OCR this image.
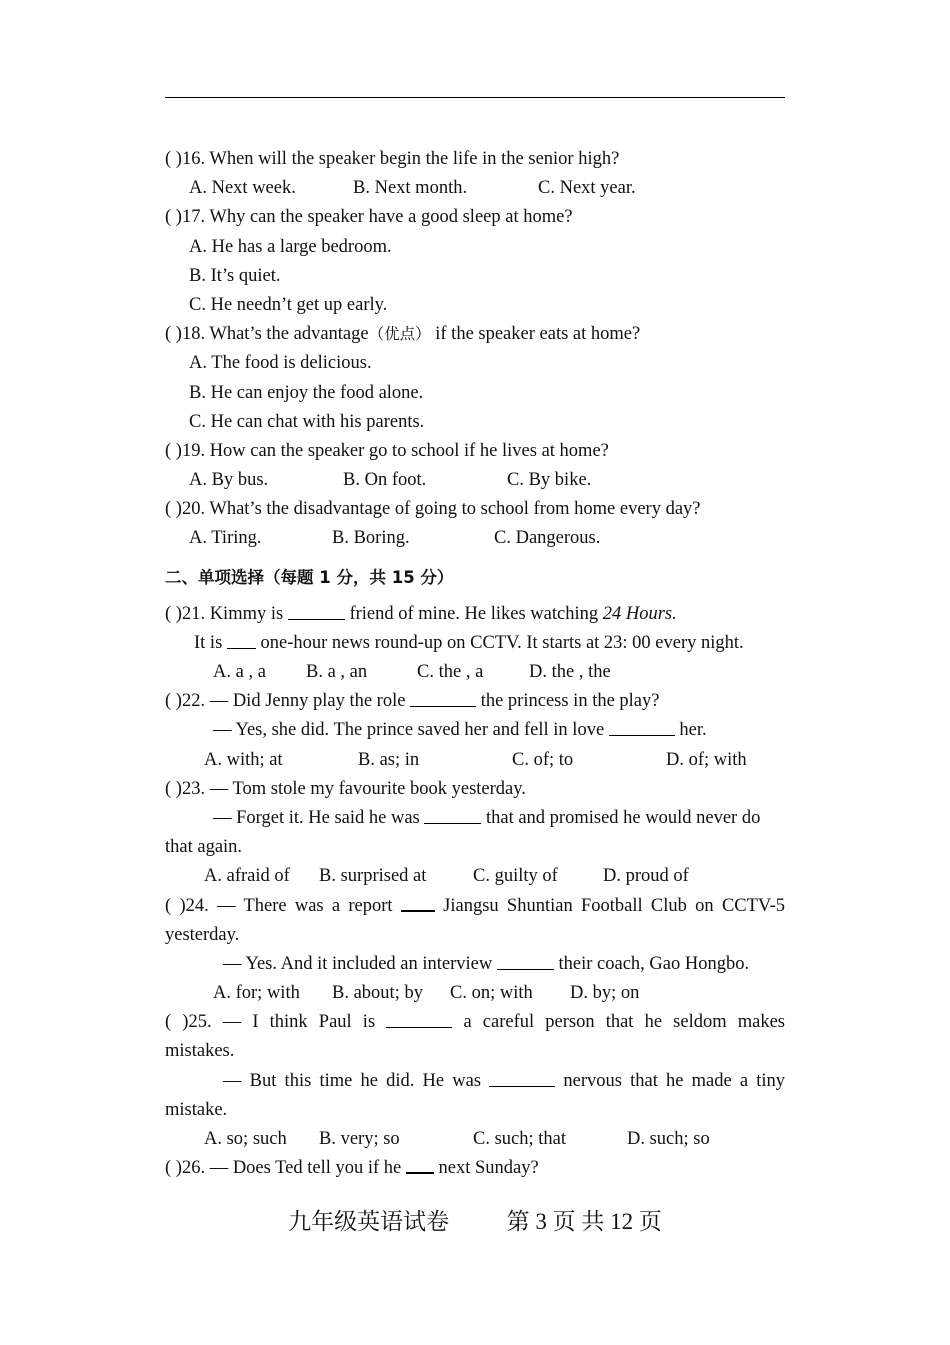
( )16. When will the speaker begin the life in the senior high?
A. Next week.	B. Next month.	C. Next year.
( )17. Why can the speaker have a good sleep at home?
A. He has a large bedroom.
B. It’s quiet.
C. He needn’t get up early.
( )18. What’s the advantage（优点） if the speaker eats at home?
A. The food is delicious.
B. He can enjoy the food alone.
C. He can chat with his parents.
( )19. How can the speaker go to school if he lives at home?
A. By bus.	B. On foot.	C. By bike.
( )20. What’s the disadvantage of going to school from home every day?
A. Tiring.	B. Boring.	C. Dangerous.
二、单项选择（每题 1 分，共 15 分）
( )21. Kimmy is	friend of mine. He likes watching 24 Hours.
It is one-hour news round-up on CCTV. It starts at 23: 00 every night.
A. a , a B. a , an	C. the , a D. the , the
( )22. — Did Jenny play the role	the princess in the play?
— Yes, she did. The prince saved her and fell in love	her.
A. with; at	B. as; in	C. of; to	D. of; with
( )23. — Tom stole my favourite book yesterday.
— Forget it. He said he was	that and promised he would never do
that again.
A. afraid of B. surprised at	C. guilty of D. proud of
( )24. — There was a report	Jiangsu Shuntian Football Club on CCTV-5
yesterday.
— Yes. And it included an interview	their coach, Gao Hongbo.
A. for; with B. about; by C. on; with D. by; on
( )25. — I think Paul is	a careful person that he seldom makes
mistakes.
— But this time he did. He was	nervous that he made a tiny
mistake.
A. so; such B. very; so	C. such; that	D. such; so
( )26. — Does Ted tell you if he next Sunday?
九年级英语试卷          第 3 页 共 12 页
